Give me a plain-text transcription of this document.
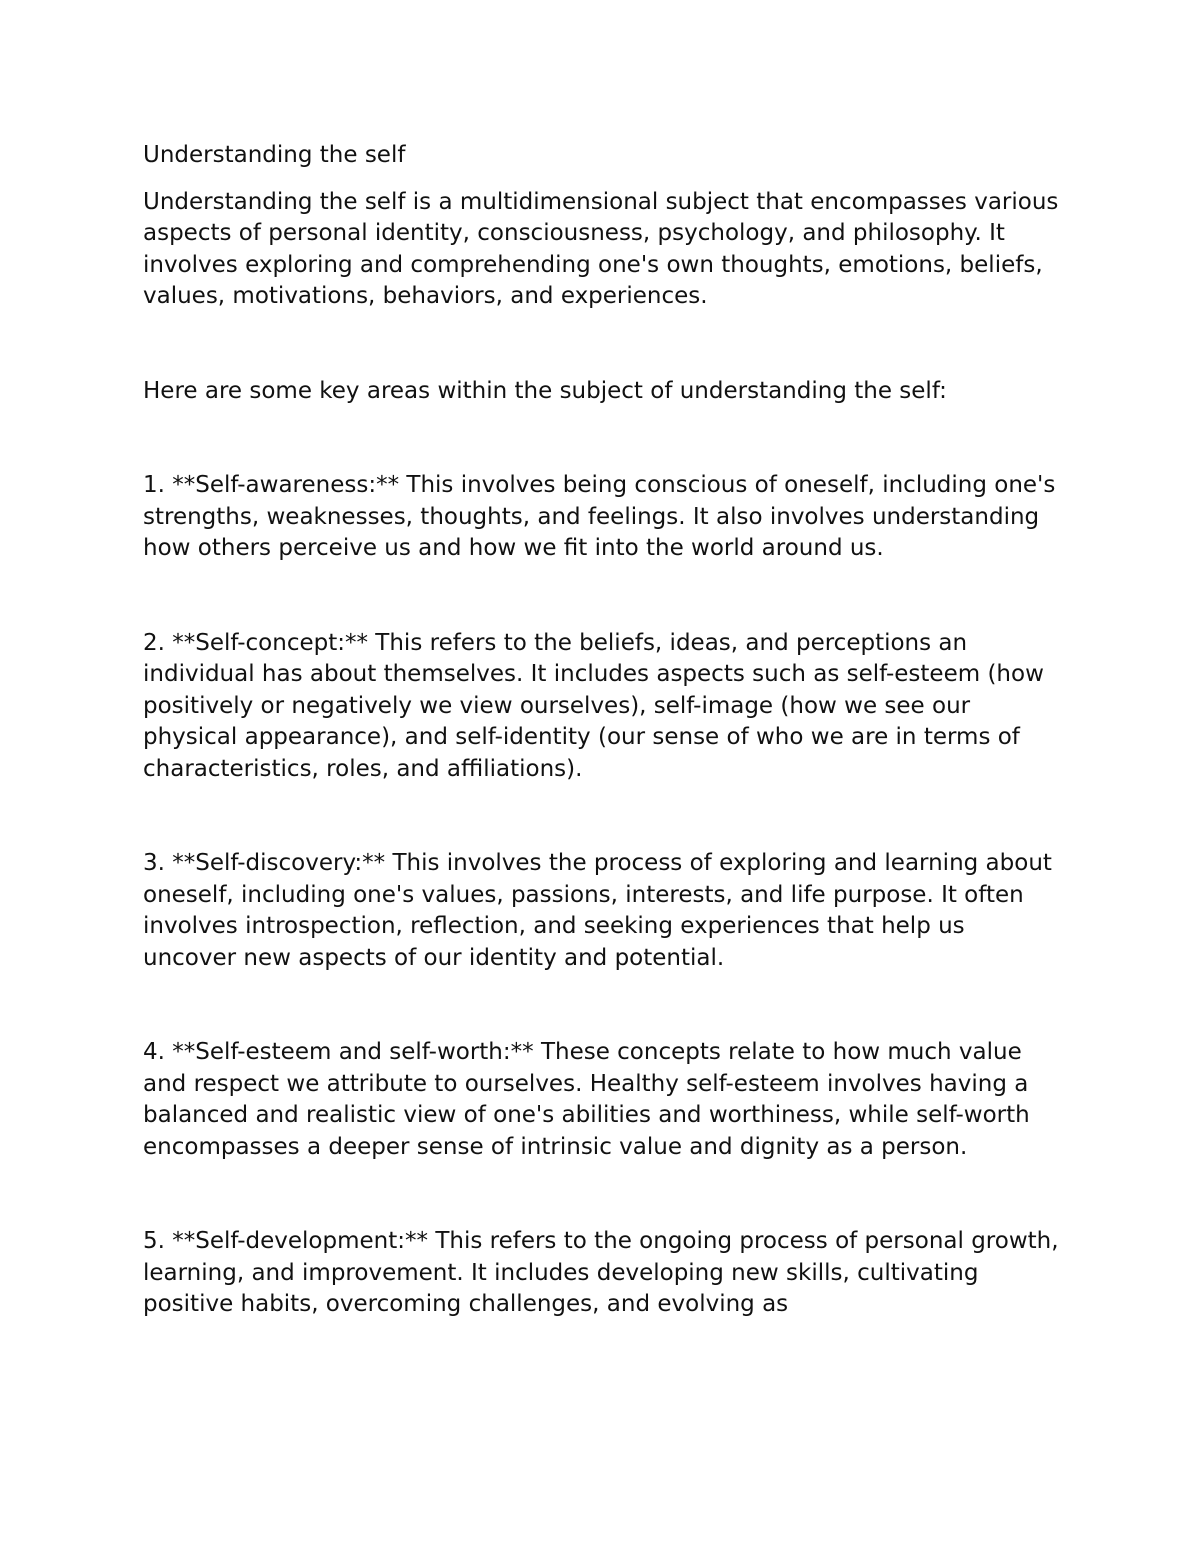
Understanding the self

Understanding the self is a multidimensional subject that encompasses various aspects of personal identity, consciousness, psychology, and philosophy. It involves exploring and comprehending one's own thoughts, emotions, beliefs, values, motivations, behaviors, and experiences.

Here are some key areas within the subject of understanding the self:

1. **Self-awareness:** This involves being conscious of oneself, including one's strengths, weaknesses, thoughts, and feelings. It also involves understanding how others perceive us and how we fit into the world around us.

2. **Self-concept:** This refers to the beliefs, ideas, and perceptions an individual has about themselves. It includes aspects such as self-esteem (how positively or negatively we view ourselves), self-image (how we see our physical appearance), and self-identity (our sense of who we are in terms of characteristics, roles, and affiliations).

3. **Self-discovery:** This involves the process of exploring and learning about oneself, including one's values, passions, interests, and life purpose. It often involves introspection, reflection, and seeking experiences that help us uncover new aspects of our identity and potential.

4. **Self-esteem and self-worth:** These concepts relate to how much value and respect we attribute to ourselves. Healthy self-esteem involves having a balanced and realistic view of one's abilities and worthiness, while self-worth encompasses a deeper sense of intrinsic value and dignity as a person.

5. **Self-development:** This refers to the ongoing process of personal growth, learning, and improvement. It includes developing new skills, cultivating positive habits, overcoming challenges, and evolving as
